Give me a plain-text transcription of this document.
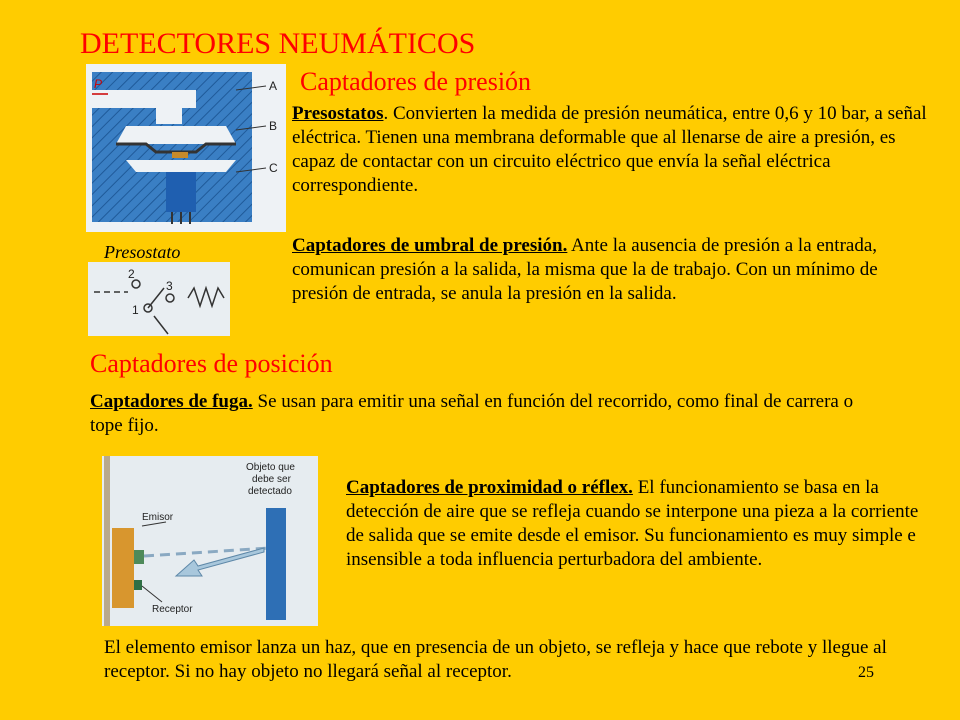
DETECTORES NEUMÁTICOS
P	A
B
C
Presostato
2
3
1
Captadores de presión
Presostatos. Convierten la medida de presión neumática, entre 0,6 y 10 bar, a señal eléctrica. Tienen una membrana deformable que al llenarse de aire a presión, es capaz de contactar con un circuito eléctrico que envía la señal eléctrica correspondiente.
Captadores de umbral de presión. Ante la ausencia de presión a la entrada, comunican presión a la salida, la misma que la de trabajo. Con un mínimo de presión de entrada, se anula la presión en la salida.
Captadores de posición
Captadores de fuga. Se usan para emitir una señal en función del recorrido, como final de carrera o tope fijo.
Objeto que
debe ser
detectado
Emisor
Receptor
Captadores de proximidad o réflex. El funcionamiento se basa en la detección de aire que se refleja cuando se interpone una pieza a la corriente de salida que se emite desde el emisor. Su funcionamiento es muy simple e insensible a toda influencia perturbadora del ambiente.
El elemento emisor lanza un haz, que en presencia de un objeto, se refleja y hace que rebote y llegue al receptor. Si no hay objeto no llegará señal al receptor.	25
